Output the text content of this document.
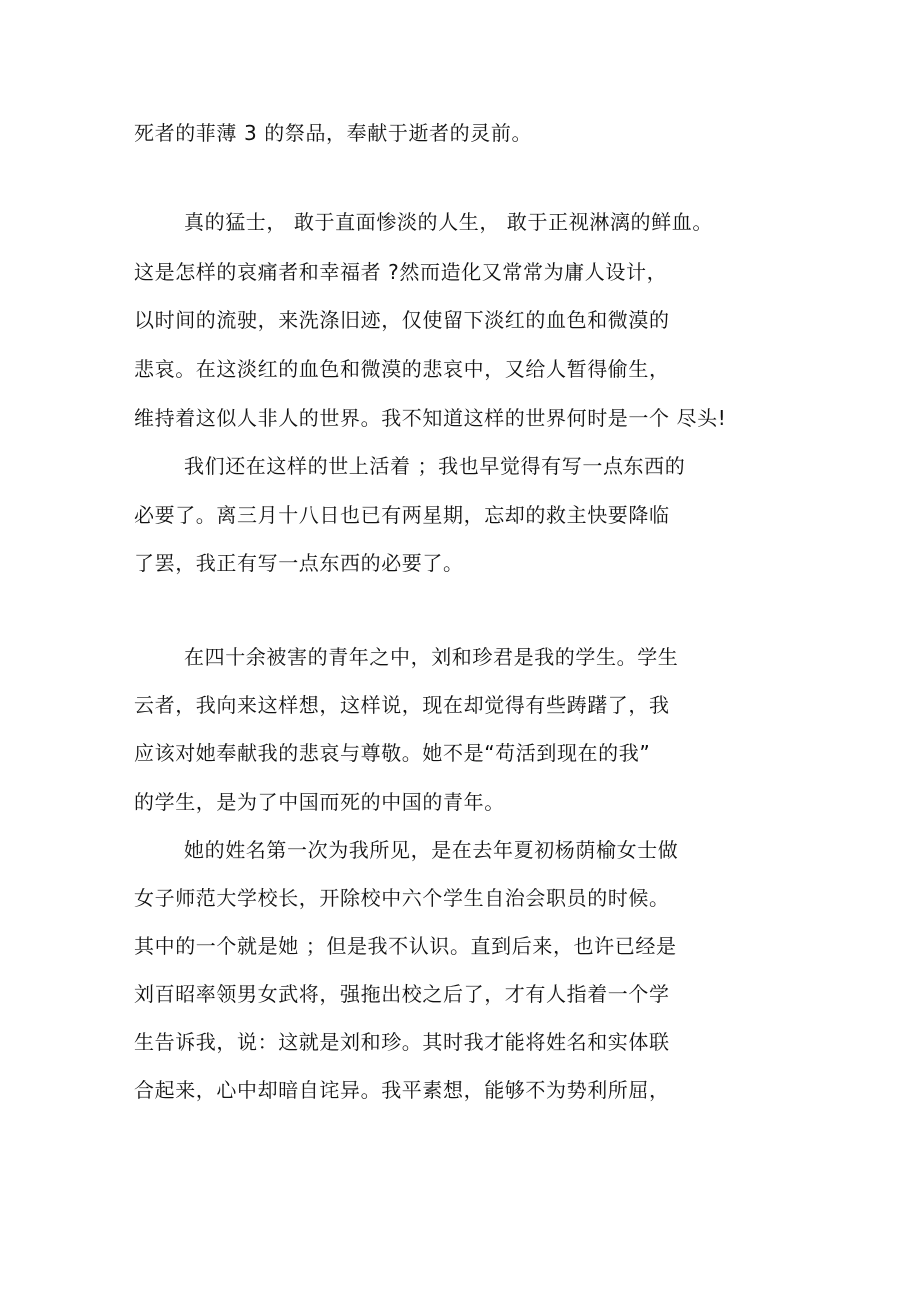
死者的菲薄 3 的祭品，奉献于逝者的灵前。

真的猛士， 敢于直面惨淡的人生， 敢于正视淋漓的鲜血。

这是怎样的哀痛者和幸福者 ?然而造化又常常为庸人设计，

以时间的流驶，来洗涤旧迹，仅使留下淡红的血色和微漠的

悲哀。在这淡红的血色和微漠的悲哀中，又给人暂得偷生，

维持着这似人非人的世界。我不知道这样的世界何时是一个 尽头!

我们还在这样的世上活着 ；我也早觉得有写一点东西的

必要了。离三月十八日也已有两星期，忘却的救主快要降临

了罢，我正有写一点东西的必要了。

在四十余被害的青年之中，刘和珍君是我的学生。学生

云者，我向来这样想，这样说，现在却觉得有些踌躇了，我

应该对她奉献我的悲哀与尊敬。她不是“苟活到现在的我”

的学生，是为了中国而死的中国的青年。

她的姓名第一次为我所见，是在去年夏初杨荫榆女士做

女子师范大学校长，开除校中六个学生自治会职员的时候。

其中的一个就是她 ；但是我不认识。直到后来，也许已经是

刘百昭率领男女武将，强拖出校之后了，才有人指着一个学

生告诉我，说：这就是刘和珍。其时我才能将姓名和实体联

合起来，心中却暗自诧异。我平素想，能够不为势利所屈，
